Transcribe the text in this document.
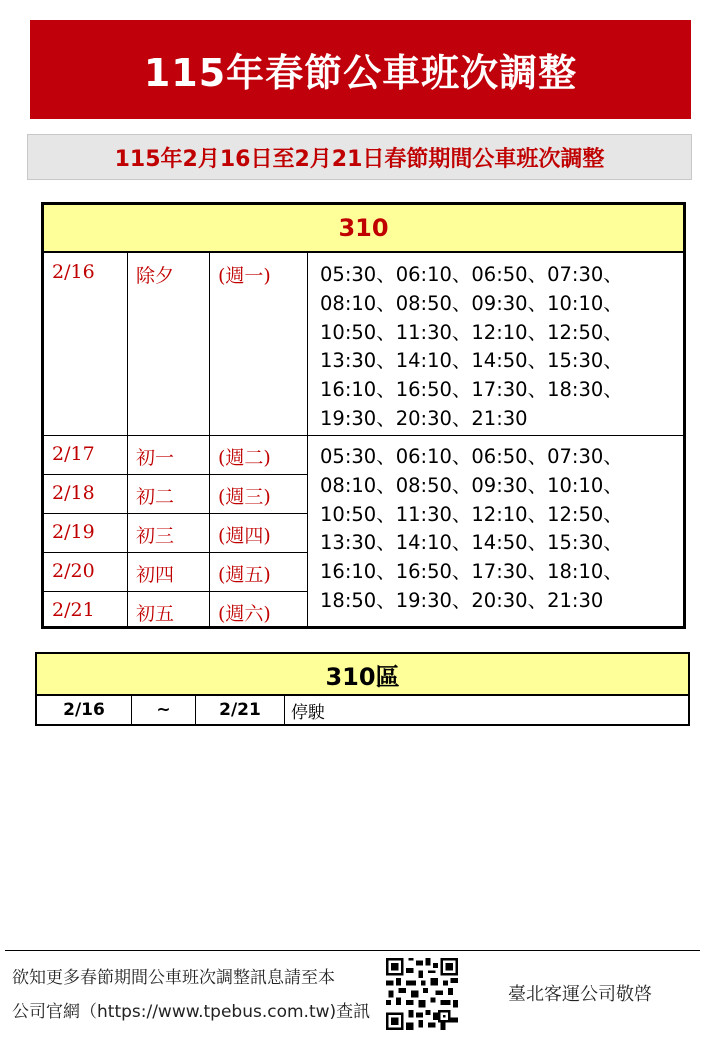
115年春節公車班次調整
115年2月16日至2月21日春節期間公車班次調整
310
2/16	除夕	(週一)	05:30、06:10、06:50、07:30、
08:10、08:50、09:30、10:10、
10:50、11:30、12:10、12:50、
13:30、14:10、14:50、15:30、
16:10、16:50、17:30、18:30、
19:30、20:30、21:30
2/17	初一	(週二)
2/18	初二	(週三)
2/19	初三	(週四)
2/20	初四	(週五)
2/21	初五	(週六)
05:30、06:10、06:50、07:30、
08:10、08:50、09:30、10:10、
10:50、11:30、12:10、12:50、
13:30、14:10、14:50、15:30、
16:10、16:50、17:30、18:10、
18:50、19:30、20:30、21:30
310區
2/16	~	2/21	停駛
欲知更多春節期間公車班次調整訊息請至本
公司官網（https://www.tpebus.com.tw)查訊
臺北客運公司敬啓
